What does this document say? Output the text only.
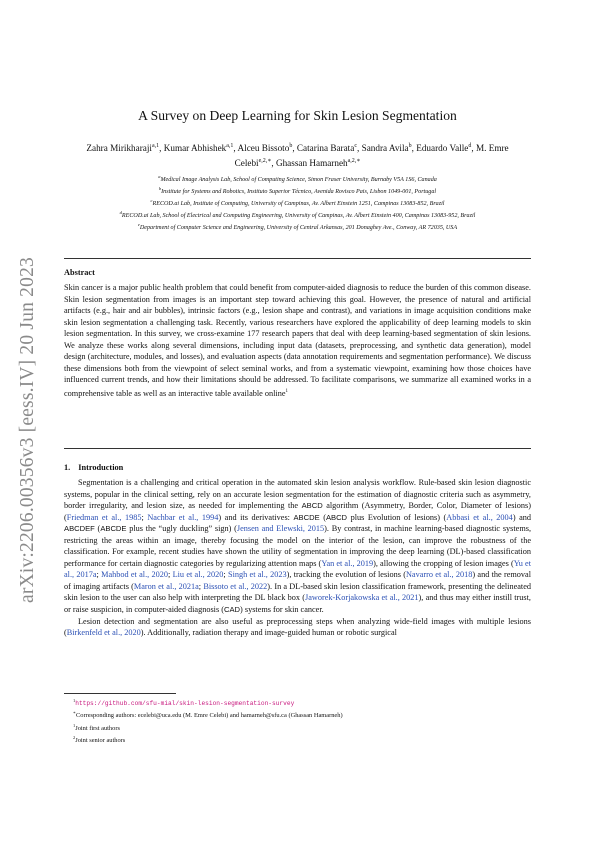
arXiv:2206.00356v3 [eess.IV] 20 Jun 2023
A Survey on Deep Learning for Skin Lesion Segmentation
Zahra Mirikharaji$^{a,1}$, Kumar Abhishek$^{a,1}$, Alceu Bissoto$^b$, Catarina Barata$^c$, Sandra Avila$^b$, Eduardo Valle$^d$, M. Emre
Celebi$^{e,2,∗}$, Ghassan Hamarneh$^{a,2,∗}$
$^a$Medical Image Analysis Lab, School of Computing Science, Simon Fraser University, Burnaby V5A 1S6, Canada
$^b$Institute for Systems and Robotics, Instituto Superior Técnico, Avenida Rovisco Pais, Lisbon 1049-001, Portugal
$^c$RECOD.ai Lab, Institute of Computing, University of Campinas, Av. Albert Einstein 1251, Campinas 13083-852, Brazil
$^d$RECOD.ai Lab, School of Electrical and Computing Engineering, University of Campinas, Av. Albert Einstein 400, Campinas 13083-952, Brazil
$^e$Department of Computer Science and Engineering, University of Central Arkansas, 201 Donaghey Ave., Conway, AR 72035, USA
Abstract
Skin cancer is a major public health problem that could benefit from computer-aided diagnosis to reduce the burden of this common disease. Skin lesion segmentation from images is an important step toward achieving this goal. However, the presence of natural and artificial artifacts (e.g., hair and air bubbles), intrinsic factors (e.g., lesion shape and contrast), and variations in image acquisition conditions make skin lesion segmentation a challenging task. Recently, various researchers have explored the applicability of deep learning models to skin lesion segmentation. In this survey, we cross-examine 177 research papers that deal with deep learning-based segmentation of skin lesions. We analyze these works along several dimensions, including input data (datasets, preprocessing, and synthetic data generation), model design (architecture, modules, and losses), and evaluation aspects (data annotation requirements and segmentation performance). We discuss these dimensions both from the viewpoint of select seminal works, and from a systematic viewpoint, examining how those choices have influenced current trends, and how their limitations should be addressed. To facilitate comparisons, we summarize all examined works in a comprehensive table as well as an interactive table available online$^1$
1. Introduction

Segmentation is a challenging and critical operation in the automated skin lesion analysis workflow. Rule-based skin lesion diagnostic systems, popular in the clinical setting, rely on an accurate lesion segmentation for the estimation of diagnostic criteria such as asymmetry, border irregularity, and lesion size, as needed for implementing the ABCD algorithm (Asymmetry, Border, Color, Diameter of lesions) (Friedman et al., 1985; Nachbar et al., 1994) and its derivatives: ABCDE (ABCD plus Evolution of lesions) (Abbasi et al., 2004) and ABCDEF (ABCDE plus the “ugly duckling” sign) (Jensen and Elewski, 2015). By contrast, in machine learning-based diagnostic systems, restricting the areas within an image, thereby focusing the model on the interior of the lesion, can improve the robustness of the classification. For example, recent studies have shown the utility of segmentation in improving the deep learning (DL)-based classification performance for certain diagnostic categories by regularizing attention maps (Yan et al., 2019), allowing the cropping of lesion images (Yu et al., 2017a; Mahbod et al., 2020; Liu et al., 2020; Singh et al., 2023), tracking the evolution of lesions (Navarro et al., 2018) and the removal of imaging artifacts (Maron et al., 2021a; Bissoto et al., 2022). In a DL-based skin lesion classification framework, presenting the delineated skin lesion to the user can also help with interpreting the DL black box (Jaworek-Korjakowska et al., 2021), and thus may either instill trust, or raise suspicion, in computer-aided diagnosis (CAD) systems for skin cancer.

Lesion detection and segmentation are also useful as preprocessing steps when analyzing wide-field images with multiple lesions (Birkenfeld et al., 2020). Additionally, radiation therapy and image-guided human or robotic surgical

$^1$https://github.com/sfu-mial/skin-lesion-segmentation-survey
∗Corresponding authors: ecelebi@uca.edu (M. Emre Celebi) and hamarneh@sfu.ca (Ghassan Hamarneh)
$^1$Joint first authors
$^2$Joint senior authors
